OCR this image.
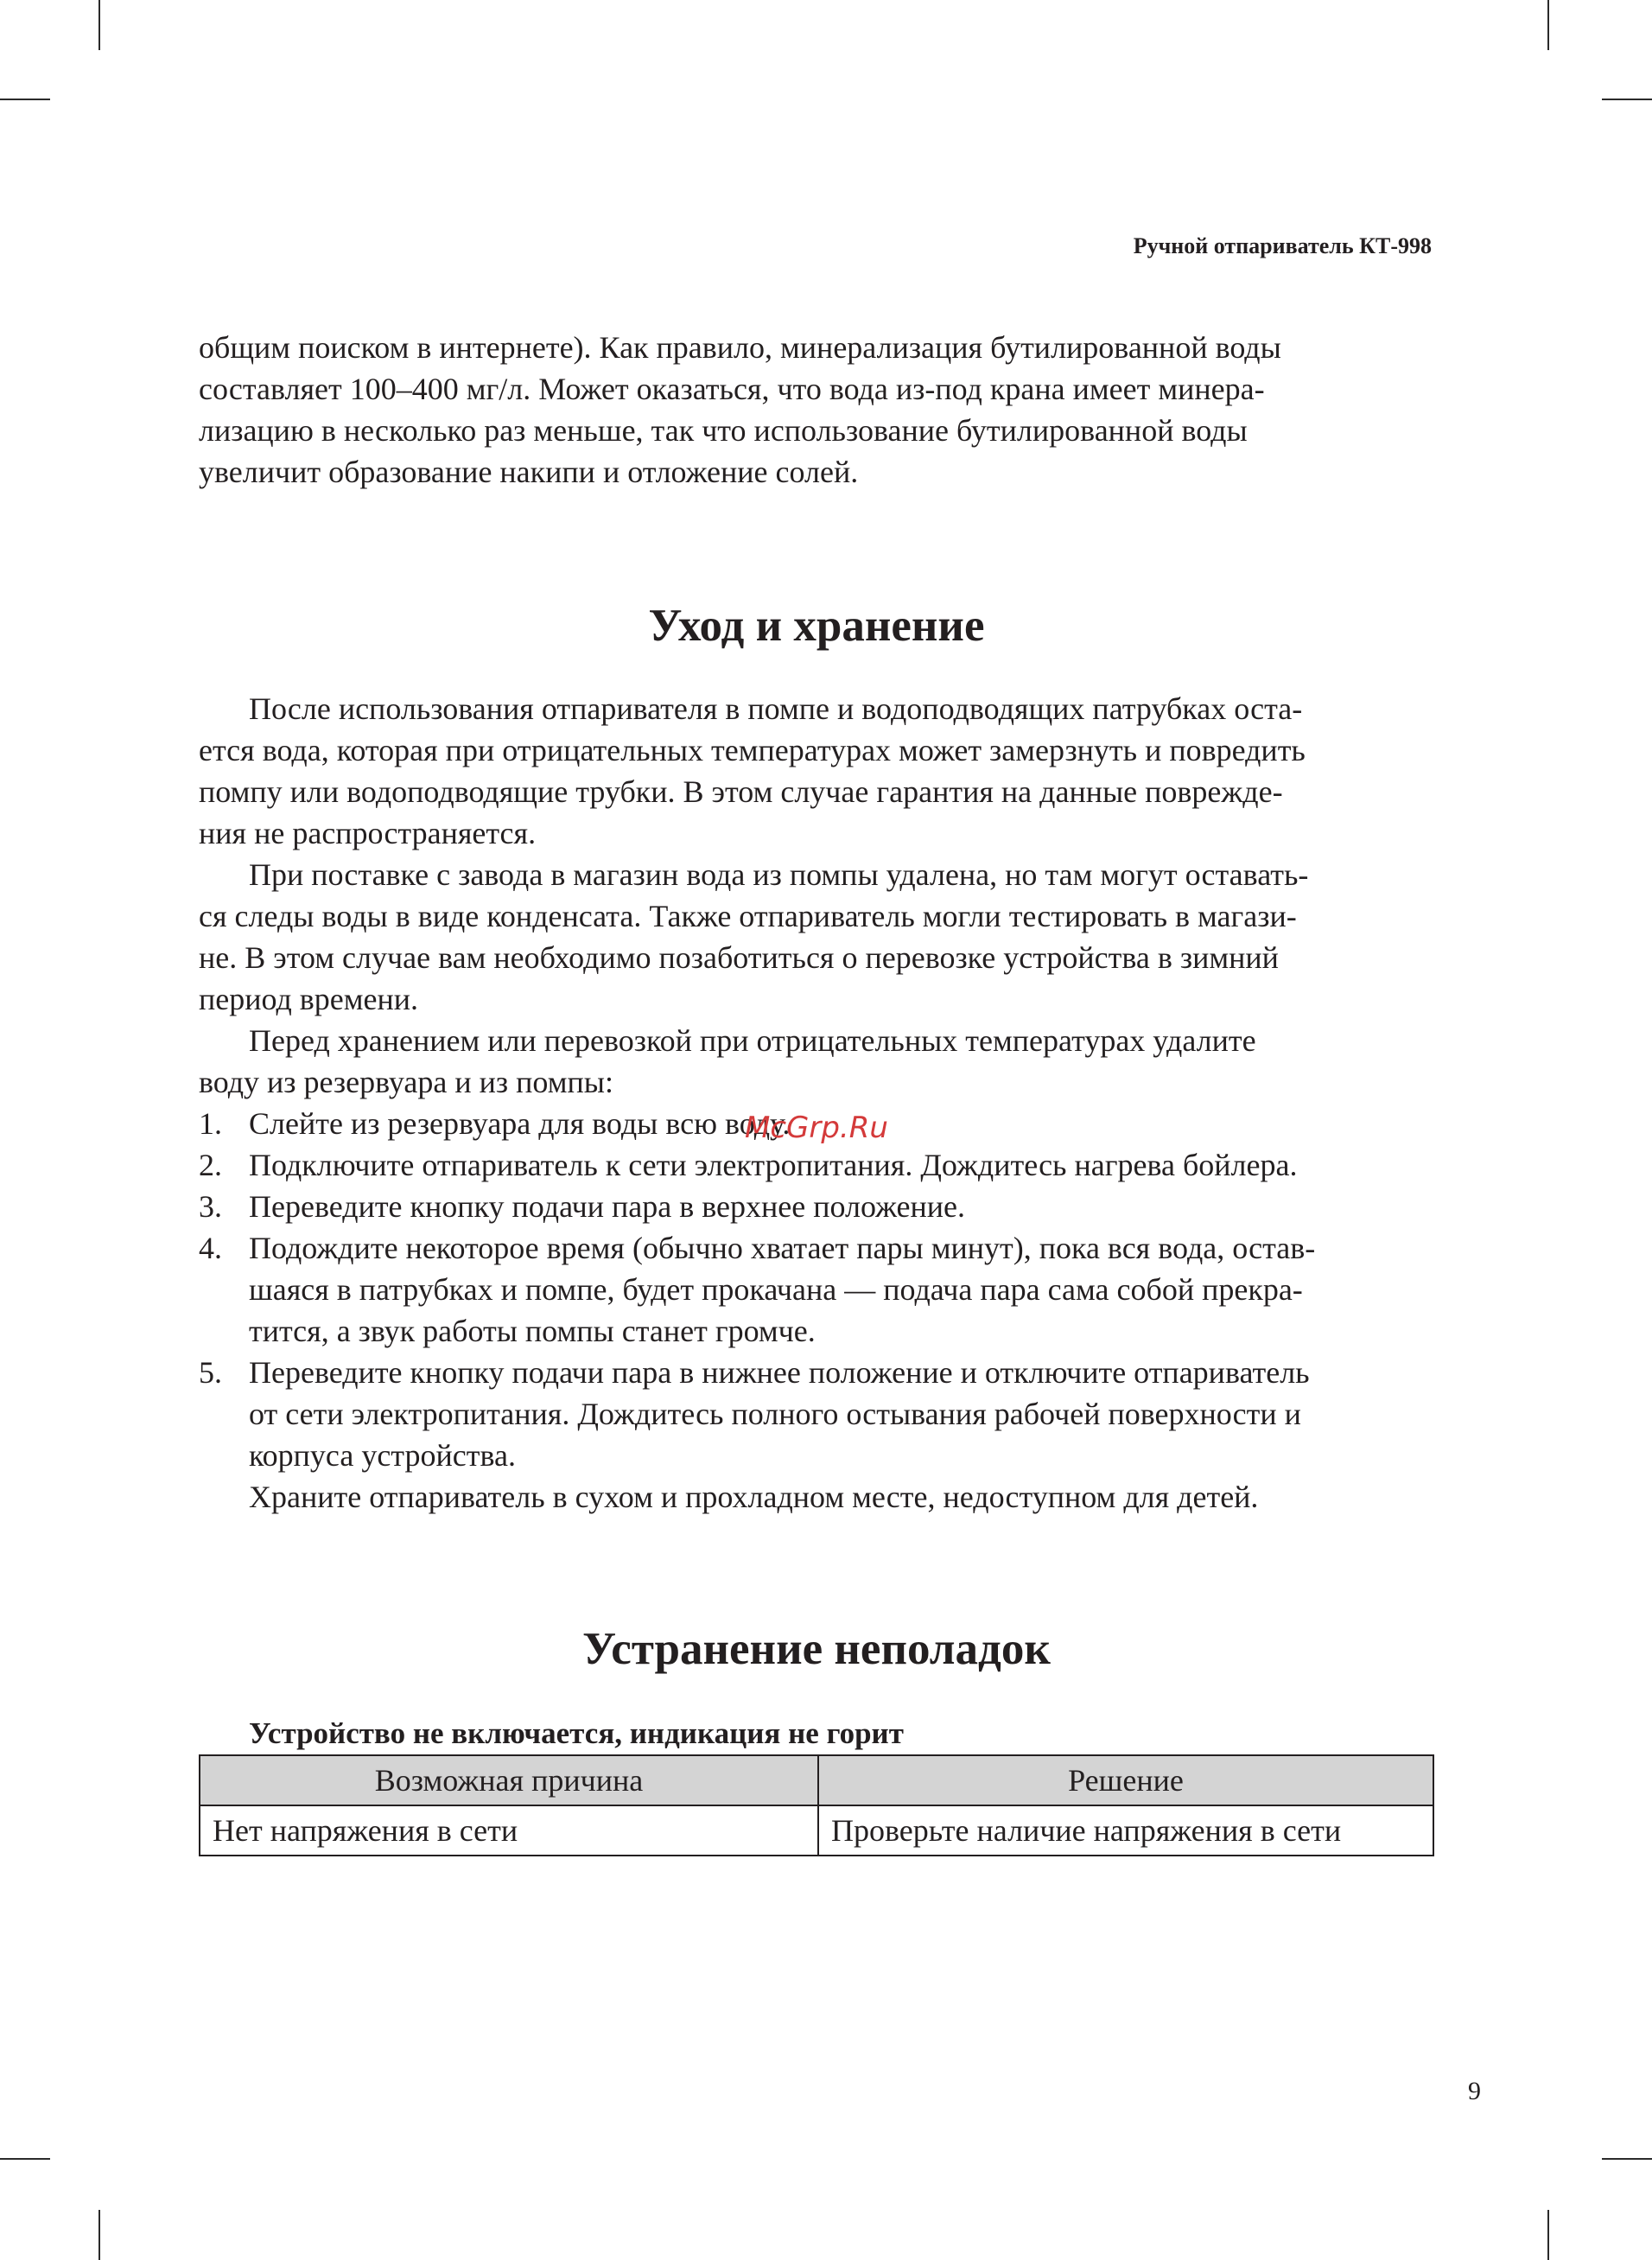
Ручной отпариватель КТ-998

общим поиском в интернете). Как правило, минерализация бутилированной воды

составляет 100–400 мг/л. Может оказаться, что вода из-под крана имеет минера-

лизацию в несколько раз меньше, так что использование бутилированной воды

увеличит образование накипи и отложение солей.

Уход и хранение

После использования отпаривателя в помпе и водоподводящих патрубках оста-

ется вода, которая при отрицательных температурах может замерзнуть и повредить

помпу или водоподводящие трубки. В этом случае гарантия на данные поврежде-

ния не распространяется.

При поставке с завода в магазин вода из помпы удалена, но там могут оставать-

ся следы воды в виде конденсата. Также отпариватель могли тестировать в магази-

не. В этом случае вам необходимо позаботиться о перевозке устройства в зимний

период времени.

Перед хранением или перевозкой при отрицательных температурах удалите

воду из резервуара и из помпы:

1. Слейте из резервуара для воды всю воду.
2. Подключите отпариватель к сети электропитания. Дождитесь нагрева бойлера.
3. Переведите кнопку подачи пара в верхнее положение.
4. Подождите некоторое время (обычно хватает пары минут), пока вся вода, остав-
шаяся в патрубках и помпе, будет прокачана — подача пара сама собой прекра-
тится, а звук работы помпы станет громче.
5. Переведите кнопку подачи пара в нижнее положение и отключите отпариватель
от сети электропитания. Дождитесь полного остывания рабочей поверхности и
корпуса устройства.

Храните отпариватель в сухом и прохладном месте, недоступном для детей.

Устранение неполадок

Устройство не включается, индикация не горит

Возможная причина	Решение
Нет напряжения в сети	Проверьте наличие напряжения в сети
McGrp.Ru
9
